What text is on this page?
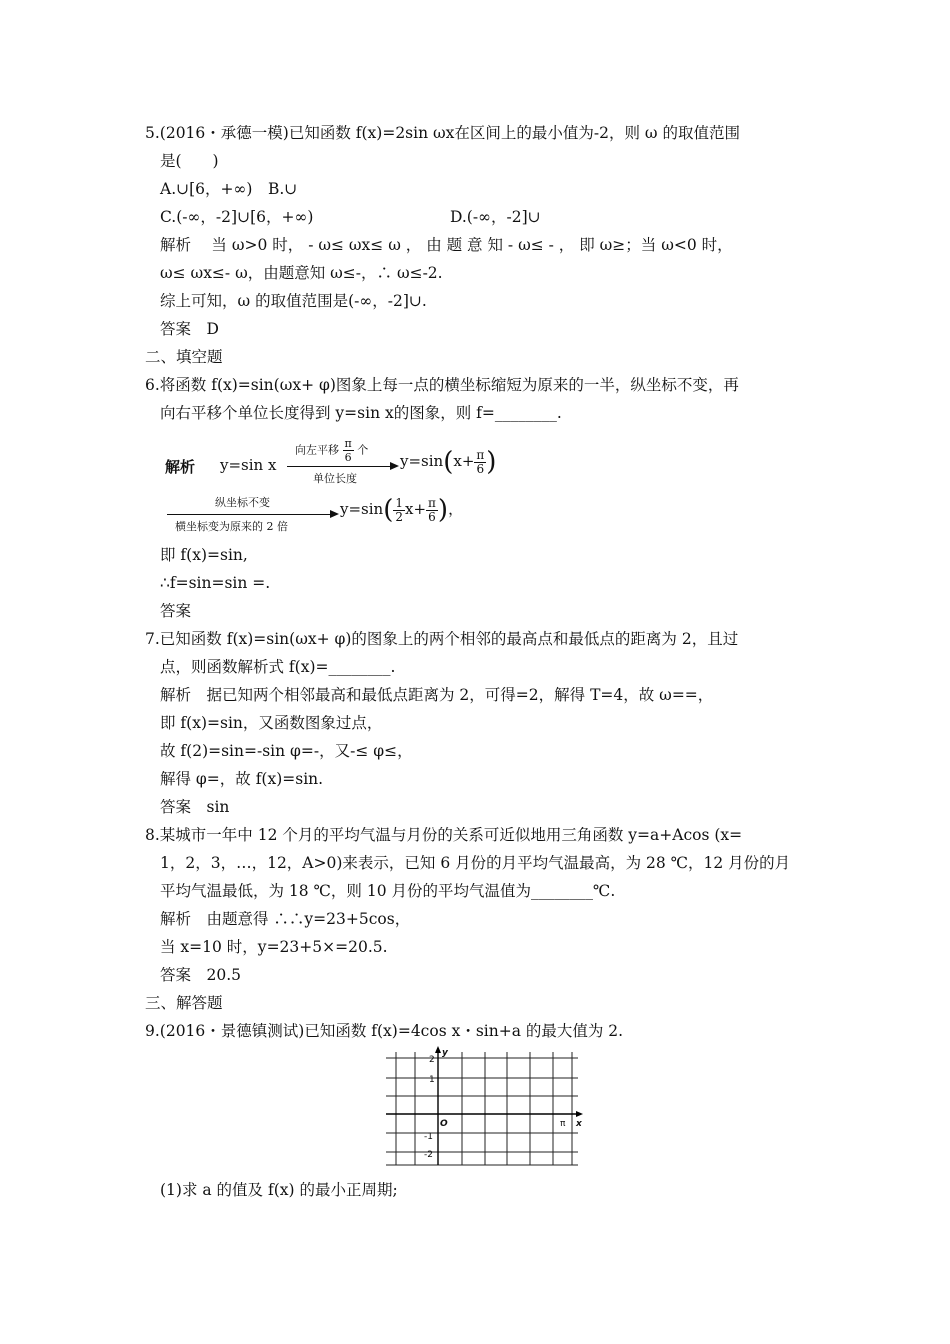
5.(2016・承德一模)已知函数 f(x)=2sin ωx在区间上的最小值为-2，则 ω 的取值范围
是(　　)
A.∪[6，+∞)　B.∪
C.(-∞，-2]∪[6，+∞)	D.(-∞，-2]∪
解析　 当 ω>0 时， - ω≤ ωx≤ ω ， 由 题 意 知 - ω≤ - ， 即 ω≥；当 ω<0 时，
ω≤ ωx≤- ω，由题意知 ω≤-，∴ ω≤-2.
综上可知，ω 的取值范围是(-∞，-2]∪.
答案　D
二、填空题
6.将函数 f(x)=sin(ωx+ φ)图象上每一点的横坐标缩短为原来的一半，纵坐标不变，再
向右平移个单位长度得到 y=sin x的图象，则 f=________.
解析 y=sin x
向左平移 $\frac{\pi}{6}$ 个
单位长度
$y=\sin(x+ \frac{\pi}{6}$ )
纵坐标不变
横坐标变为原来的 2 倍
$y=\sin( \frac{1}{2} x+ \frac{\pi}{6}$ )，
即 f(x)=sin,
∴f=sin=sin =.
答案
7.已知函数 f(x)=sin(ωx+ φ)的图象上的两个相邻的最高点和最低点的距离为 2，且过
点，则函数解析式 f(x)=________.
解析　据已知两个相邻最高和最低点距离为 2，可得=2，解得 T=4，故 ω==，
即 f(x)=sin，又函数图象过点，
故 f(2)=sin=-sin φ=-，又-≤ φ≤，
解得 φ=，故 f(x)=sin.
答案　sin
8.某城市一年中 12 个月的平均气温与月份的关系可近似地用三角函数 y=a+Acos (x=
1，2，3，…，12，A>0)来表示，已知 6 月份的月平均气温最高，为 28 ℃，12 月份的月
平均气温最低，为 18 ℃，则 10 月份的平均气温值为________℃.
解析　由题意得 ∴∴y=23+5cos，
当 x=10 时，y=23+5×=20.5.
答案　20.5
三、解答题
9.(2016・景德镇测试)已知函数 f(x)=4cos x・sin+a 的最大值为 2.
y
x
O	π
2
1
-1
-2
(1)求 a 的值及 f(x) 的最小正周期;
